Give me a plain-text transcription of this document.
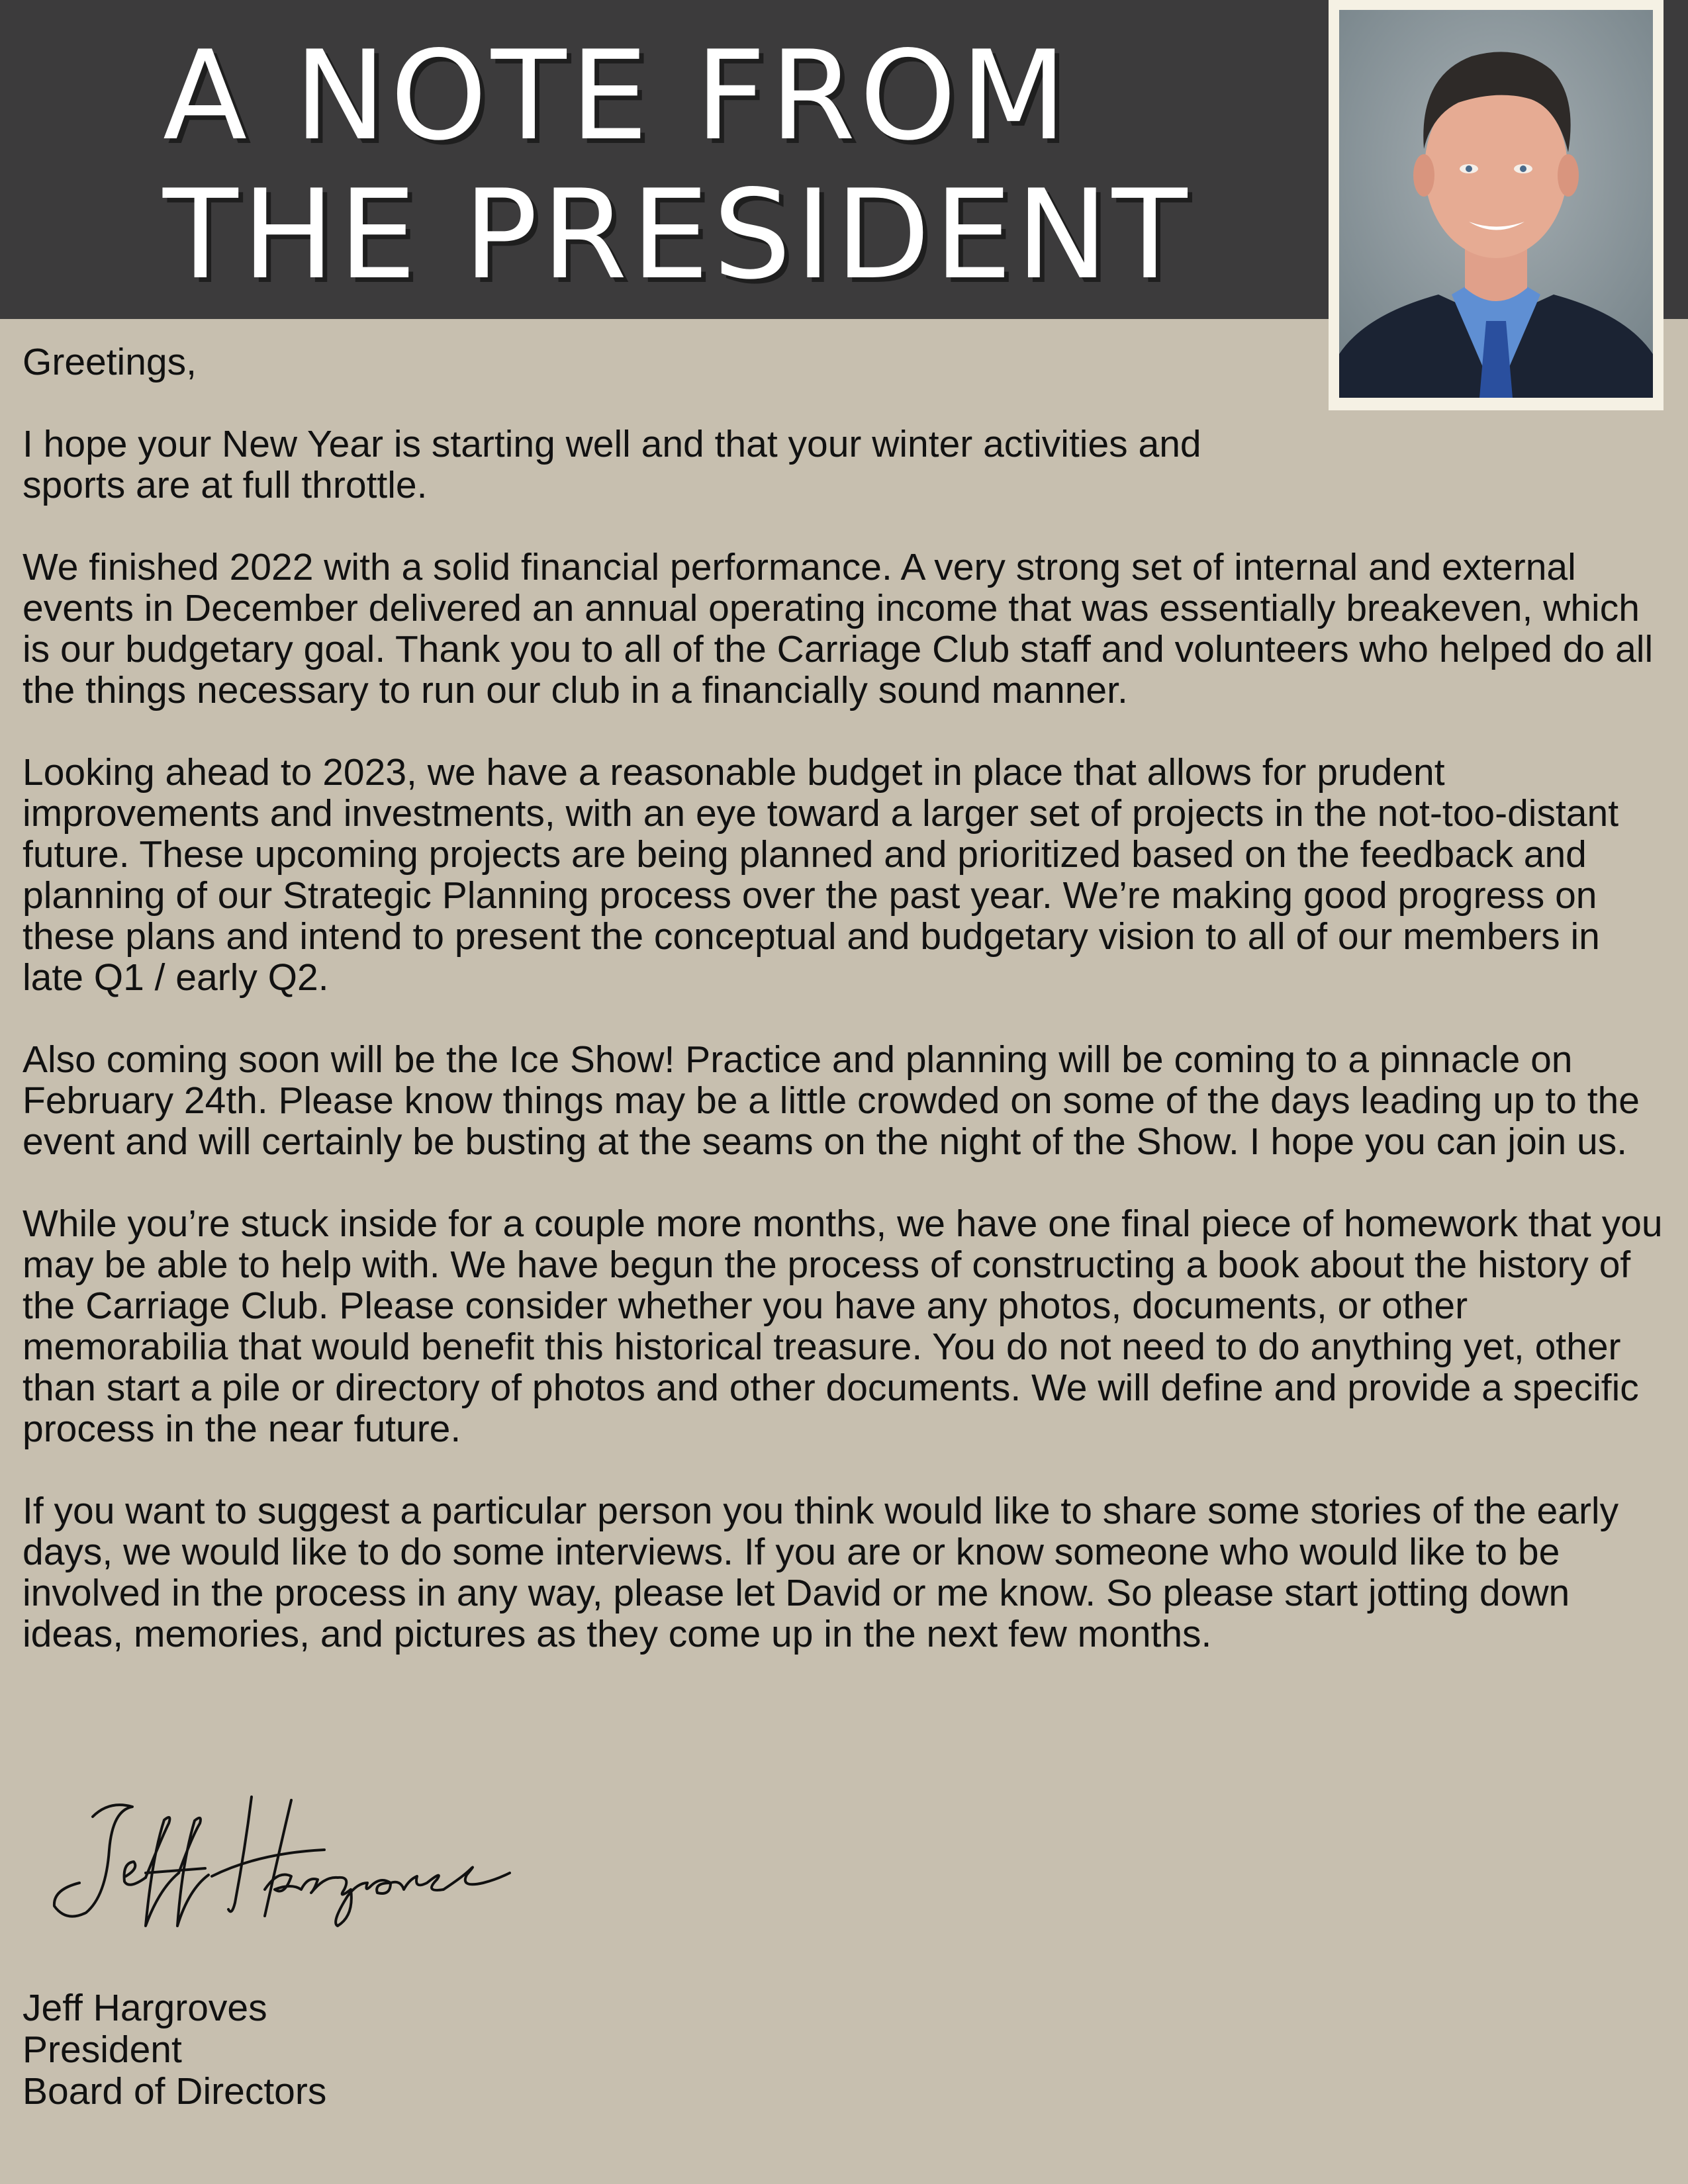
A NOTE FROM
THE PRESIDENT

Greetings,

I hope your New Year is starting well and that your winter activities and sports are at full throttle.

We finished 2022 with a solid financial performance. A very strong set of internal and external events in December delivered an annual operating income that was essentially breakeven, which is our budgetary goal. Thank you to all of the Carriage Club staff and volunteers who helped do all the things necessary to run our club in a financially sound manner.

Looking ahead to 2023, we have a reasonable budget in place that allows for prudent improvements and investments, with an eye toward a larger set of projects in the not-too-distant future. These upcoming projects are being planned and prioritized based on the feedback and planning of our Strategic Planning process over the past year. We’re making good progress on these plans and intend to present the conceptual and budgetary vision to all of our members in late Q1 / early Q2.

Also coming soon will be the Ice Show! Practice and planning will be coming to a pinnacle on February 24th. Please know things may be a little crowded on some of the days leading up to the event and will certainly be busting at the seams on the night of the Show. I hope you can join us.

While you’re stuck inside for a couple more months, we have one final piece of homework that you may be able to help with. We have begun the process of constructing a book about the history of the Carriage Club. Please consider whether you have any photos, documents, or other memorabilia that would benefit this historical treasure. You do not need to do anything yet, other than start a pile or directory of photos and other documents. We will define and provide a specific process in the near future.

If you want to suggest a particular person you think would like to share some stories of the early days, we would like to do some interviews. If you are or know someone who would like to be involved in the process in any way, please let David or me know. So please start jotting down ideas, memories, and pictures as they come up in the next few months.

Jeff Hargroves
President
Board of Directors
